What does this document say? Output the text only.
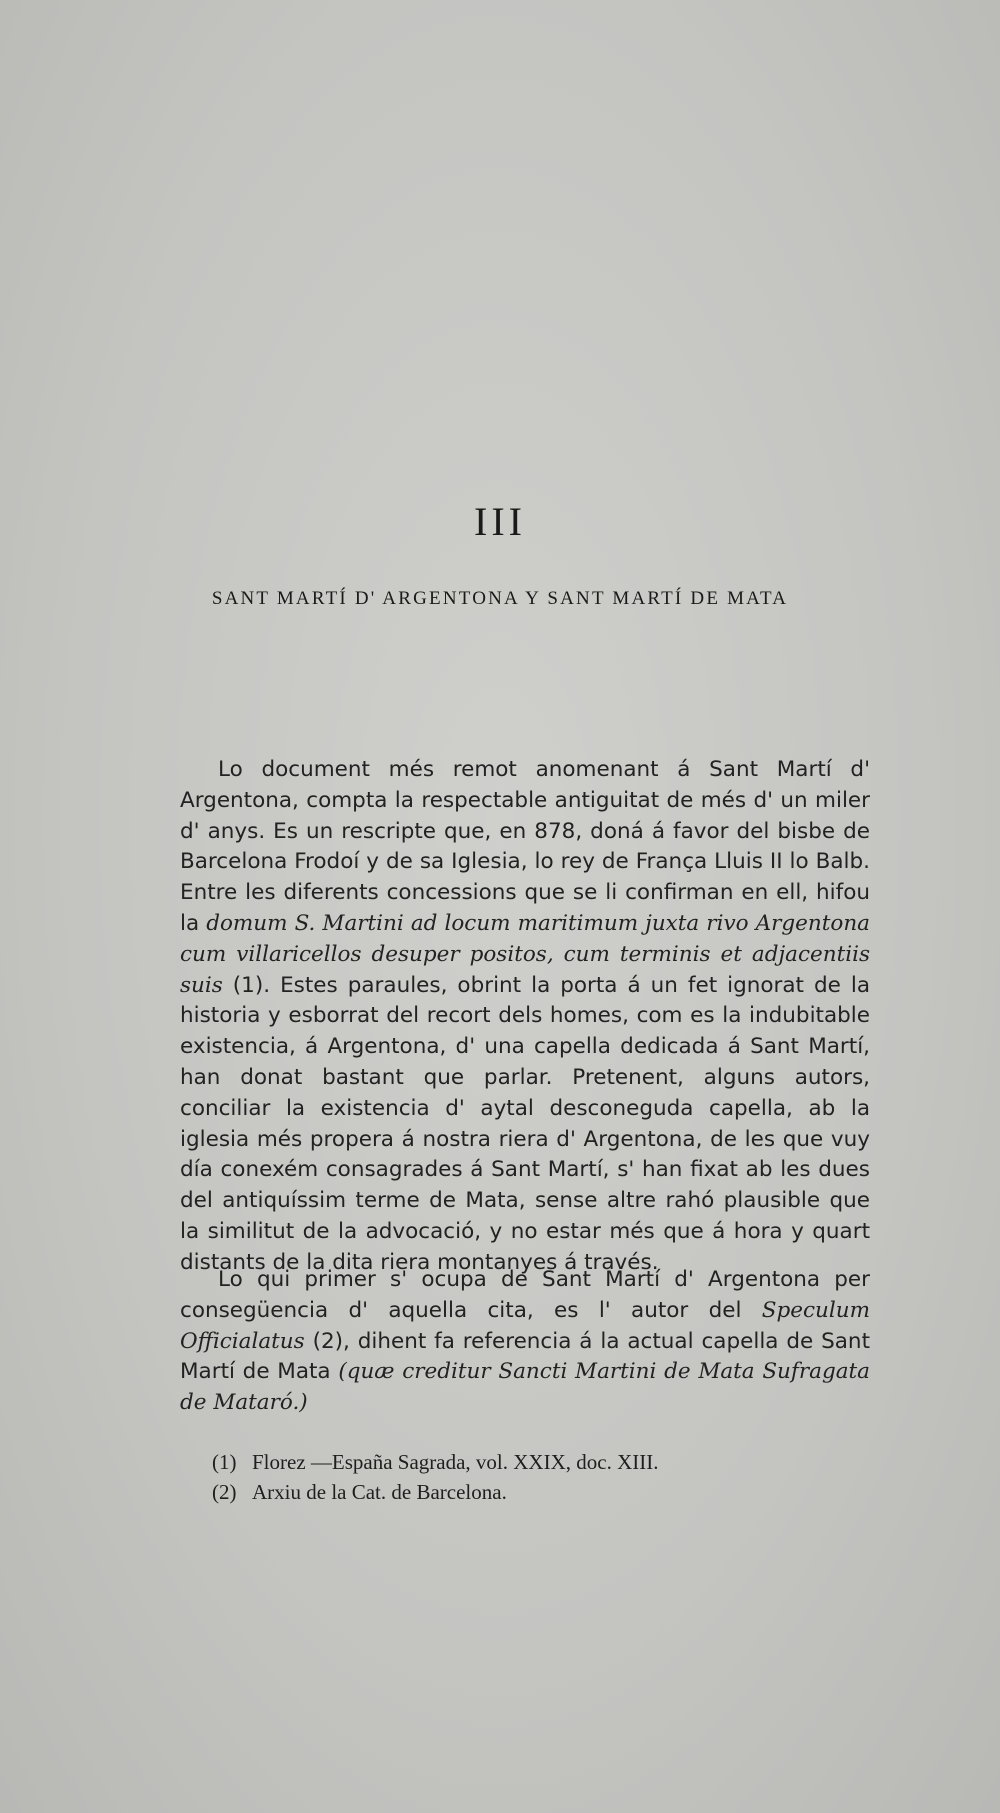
III
SANT MARTÍ D' ARGENTONA Y SANT MARTÍ DE MATA

Lo document més remot anomenant á Sant Martí d' Argentona, compta la respectable antiguitat de més d' un miler d' anys. Es un rescripte que, en 878, doná á favor del bisbe de Barcelona Frodoí y de sa Iglesia, lo rey de França Lluis II lo Balb. Entre les diferents concessions que se li confirman en ell, hifou la domum S. Martini ad locum maritimum juxta rivo Argentona cum villaricellos desuper positos, cum terminis et adjacentiis suis (1). Estes paraules, obrint la porta á un fet ignorat de la historia y esborrat del recort dels homes, com es la indubitable existencia, á Argentona, d' una capella dedicada á Sant Martí, han donat bastant que parlar. Pretenent, alguns autors, conciliar la existencia d' aytal desconeguda capella, ab la iglesia més propera á nostra riera d' Argentona, de les que vuy día conexém consagrades á Sant Martí, s' han fixat ab les dues del antiquíssim terme de Mata, sense altre rahó plausible que la similitut de la advocació, y no estar més que á hora y quart distants de la dita riera montanyes á través.

Lo qui primer s' ocupa de Sant Martí d' Argentona per consegüencia d' aquella cita, es l' autor del Speculum Officialatus (2), dihent fa referencia á la actual capella de Sant Martí de Mata (quæ creditur Sancti Martini de Mata Sufragata de Mataró.)

(1) Florez —España Sagrada, vol. XXIX, doc. XIII.
(2) Arxiu de la Cat. de Barcelona.
